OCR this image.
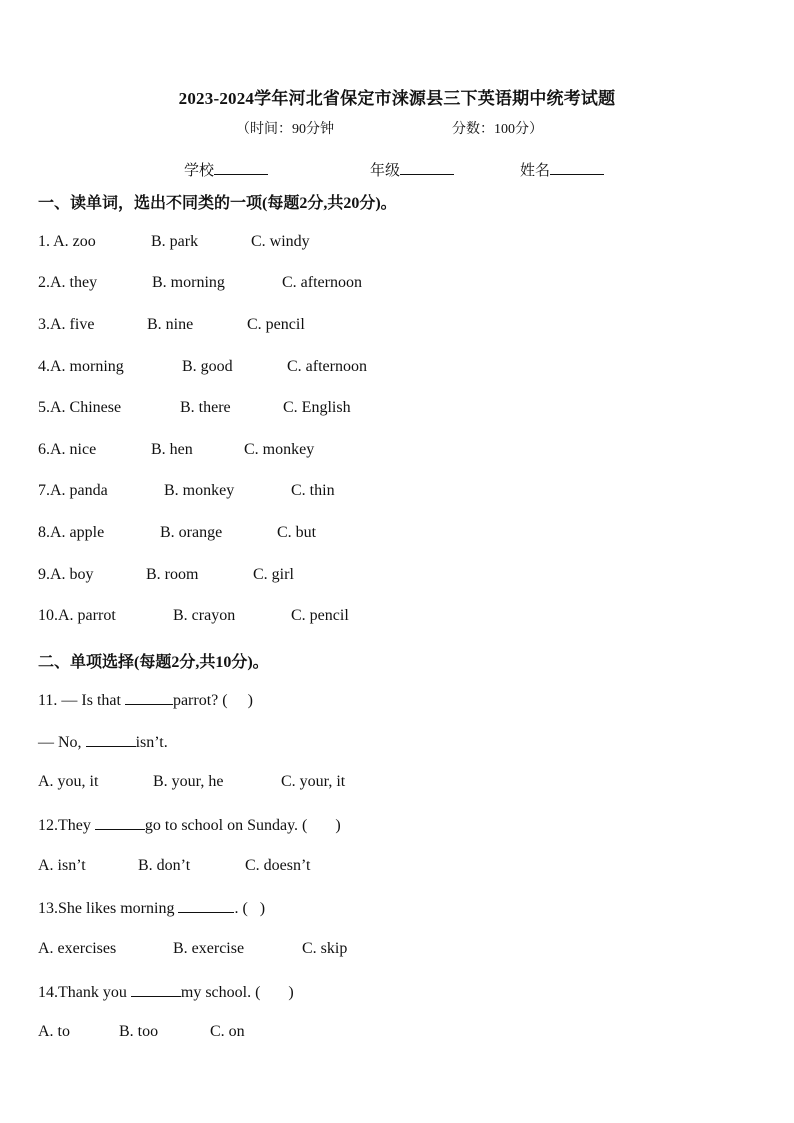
2023-2024学年河北省保定市涞源县三下英语期中统考试题
（时间：90分钟	分数：100分）
学校	年级	姓名
一、读单词，选出不同类的一项(每题2分,共20分)。
1. A. zoo	B. park	C. windy
2.A. they	B. morning	C. afternoon
3.A. five	B. nine	C. pencil
4.A. morning	B. good	C. afternoon
5.A. Chinese	B. there	C. English
6.A. nice	B. hen	C. monkey
7.A. panda	B. monkey	C. thin
8.A. apple	B. orange	C. but
9.A. boy	B. room	C. girl
10.A. parrot	B. crayon	C. pencil
二、单项选择(每题2分,共10分)。
11. — Is that	parrot? (     )
— No,	isn’t.
A. you, it	B. your, he	C. your, it
12.They	go to school on Sunday. (       )
A. isn’t	B. don’t	C. doesn’t
13.She likes morning	. (   )
A. exercises	B. exercise	C. skip
14.Thank you	my school. (       )
A. to	B. too	C. on
